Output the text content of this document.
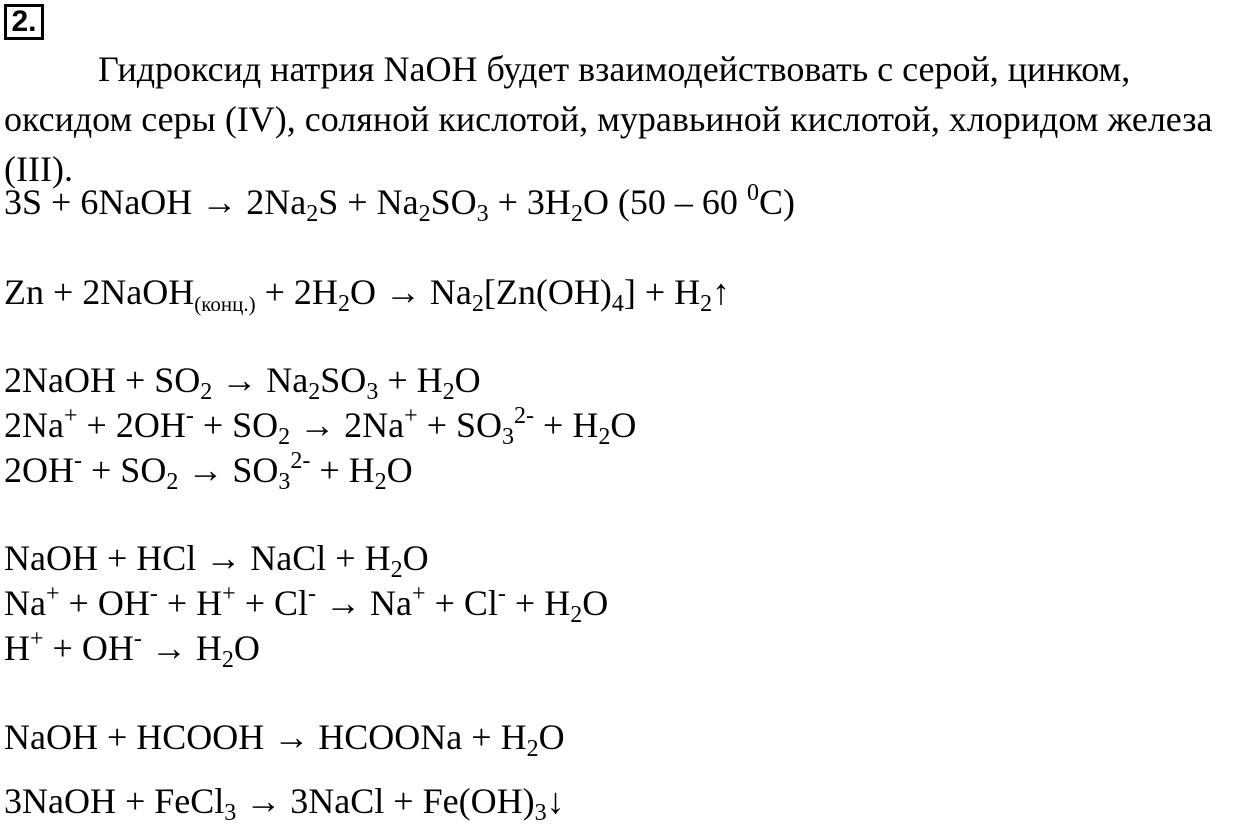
2.

Гидроксид натрия NaOH будет взаимодействовать с серой, цинком, оксидом серы (IV), соляной кислотой, муравьиной кислотой, хлоридом железа (III).

3S + 6NaOH → $2Na_2S + Na_2SO_3 + 3H_2O$ (50 – 60 $^0$C)

Zn + 2NaOH$_{(конц.)}$ + $2H_2O \to Na_2[Zn(OH)_4]$ + $H_2↑$

2NaOH + $SO_2 \to Na_2SO_3 + H_2O$

$2Na^+ + 2OH^- + SO_2 \to 2Na^+ + SO_3^{2-} + H_2O$

$2OH^- + SO_2 \to SO_3^{2-} + H_2O$

NaOH + HCl → NaCl + $H_2O$

$Na^+ + OH^- + H^+ + Cl^- \to Na^+ + Cl^- + H_2O$

$H^+ + OH^- \to H_2O$

NaOH + HCOOH → HCOONa + $H_2O$

3NaOH + FeCl$_3$ → 3NaCl + $Fe(OH)_3↓$
